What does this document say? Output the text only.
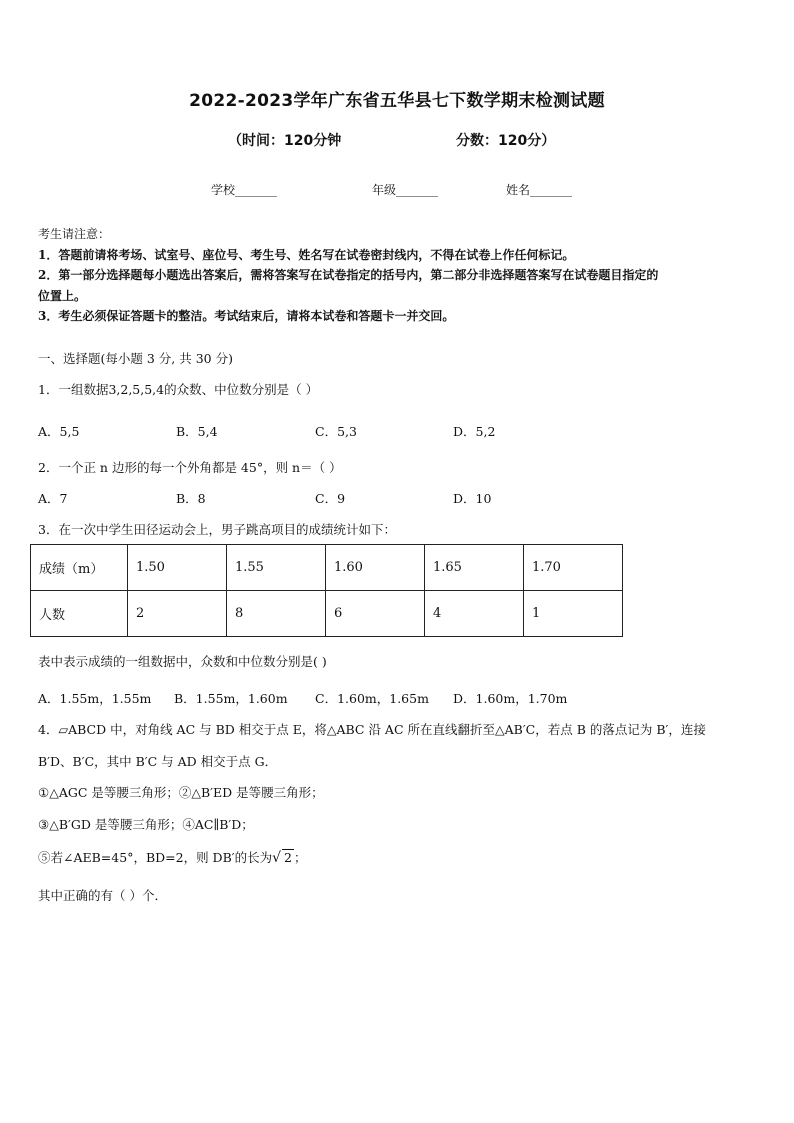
2022-2023学年广东省五华县七下数学期末检测试题
（时间：120分钟	分数：120分）
学校_______	年级_______	姓名_______
考生请注意：
1．答题前请将考场、试室号、座位号、考生号、姓名写在试卷密封线内，不得在试卷上作任何标记。
2．第一部分选择题每小题选出答案后，需将答案写在试卷指定的括号内，第二部分非选择题答案写在试卷题目指定的
位置上。
3．考生必须保证答题卡的整洁。考试结束后，请将本试卷和答题卡一并交回。
一、选择题(每小题 3 分, 共 30 分)
1．一组数据3,2,5,5,4的众数、中位数分别是（ ）
A．5,5	B．5,4	C．5,3	D．5,2
2．一个正 n 边形的每一个外角都是 45°，则 n＝（ ）
A．7	B．8	C．9	D．10
3．在一次中学生田径运动会上，男子跳高项目的成绩统计如下：
成绩（m）	1.50	1.55	1.60	1.65	1.70
人数	2	8	6	4	1
表中表示成绩的一组数据中，众数和中位数分别是( )
A．1.55m，1.55m B．1.55m，1.60m C．1.60m，1.65m D．1.60m，1.70m
4．▱ABCD 中，对角线 AC 与 BD 相交于点 E，将△ABC 沿 AC 所在直线翻折至△AB′C，若点 B 的落点记为 B′，连接
B′D、B′C，其中 B′C 与 AD 相交于点 G．
①△AGC 是等腰三角形；②△B′ED 是等腰三角形；
③△B′GD 是等腰三角形；④AC∥B′D；
⑤若∠AEB=45°，BD=2，则 DB′的长为√ 2 ；
其中正确的有（ ）个．
